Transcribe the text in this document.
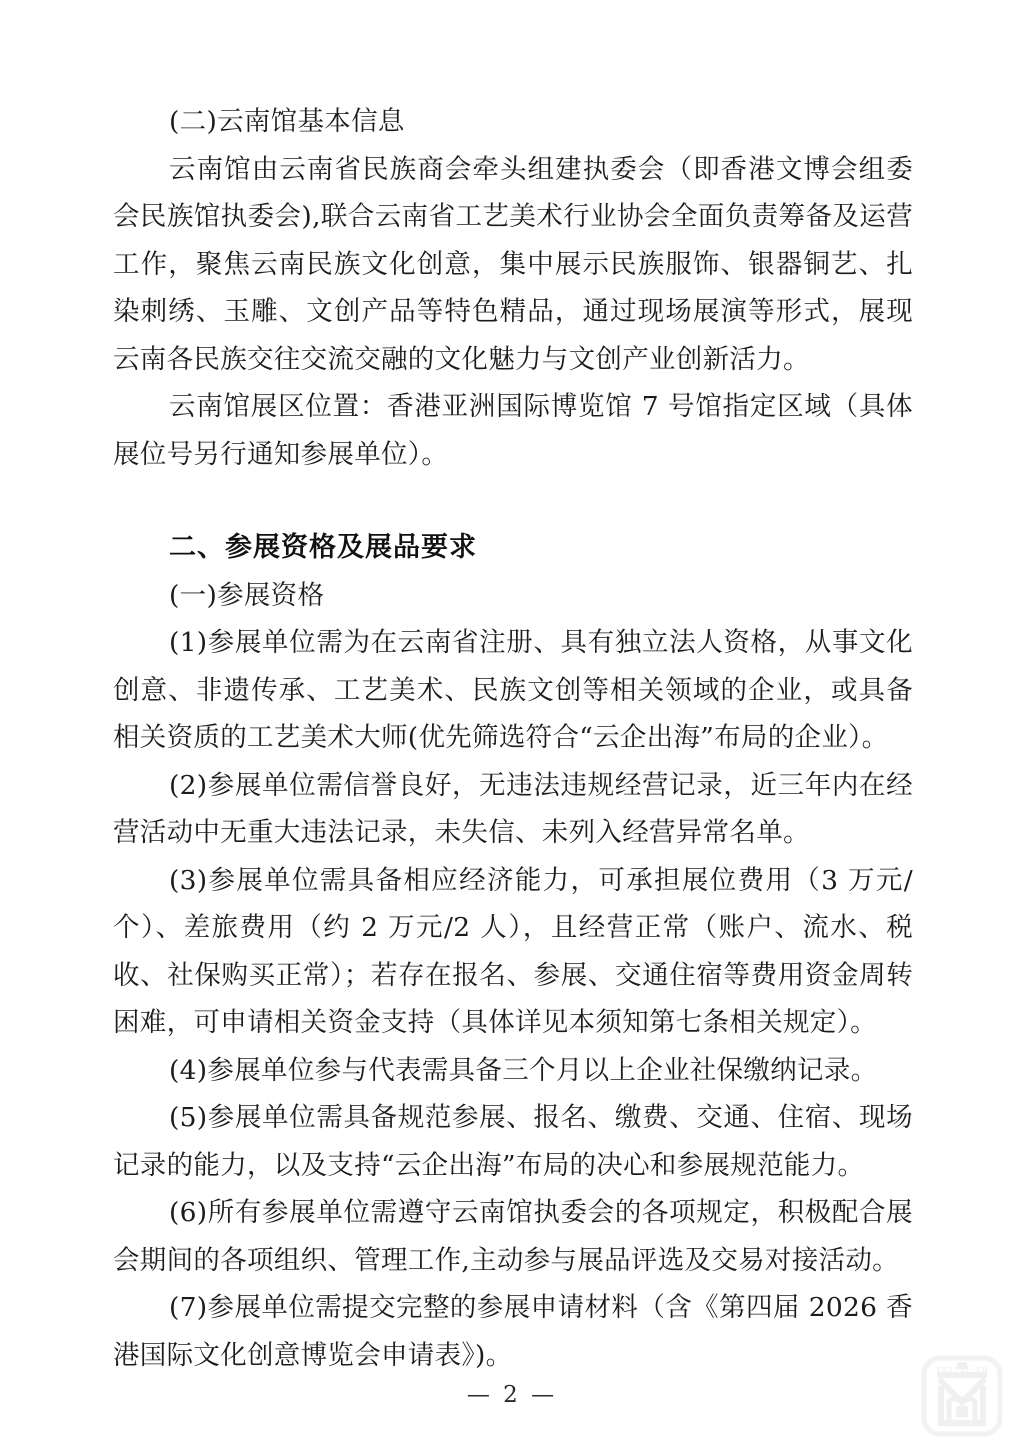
(二)云南馆基本信息

云南馆由云南省民族商会牵头组建执委会（即香港文博会组委会民族馆执委会),联合云南省工艺美术行业协会全面负责筹备及运营工作，聚焦云南民族文化创意，集中展示民族服饰、银器铜艺、扎染刺绣、玉雕、文创产品等特色精品，通过现场展演等形式，展现云南各民族交往交流交融的文化魅力与文创产业创新活力。

云南馆展区位置：香港亚洲国际博览馆 7 号馆指定区域（具体展位号另行通知参展单位）。

二、参展资格及展品要求

(一)参展资格

(1)参展单位需为在云南省注册、具有独立法人资格，从事文化创意、非遗传承、工艺美术、民族文创等相关领域的企业，或具备相关资质的工艺美术大师(优先筛选符合“云企出海”布局的企业）。

(2)参展单位需信誉良好，无违法违规经营记录，近三年内在经营活动中无重大违法记录，未失信、未列入经营异常名单。

(3)参展单位需具备相应经济能力，可承担展位费用（3 万元/个）、差旅费用（约 2 万元/2 人），且经营正常（账户、流水、税收、社保购买正常）；若存在报名、参展、交通住宿等费用资金周转困难，可申请相关资金支持（具体详见本须知第七条相关规定）。

(4)参展单位参与代表需具备三个月以上企业社保缴纳记录。

(5)参展单位需具备规范参展、报名、缴费、交通、住宿、现场记录的能力，以及支持“云企出海”布局的决心和参展规范能力。

(6)所有参展单位需遵守云南馆执委会的各项规定，积极配合展会期间的各项组织、管理工作,主动参与展品评选及交易对接活动。

(7)参展单位需提交完整的参展申请材料（含《第四届 2026 香港国际文化创意博览会申请表》)。

— 2 —
YN21ST.CN
